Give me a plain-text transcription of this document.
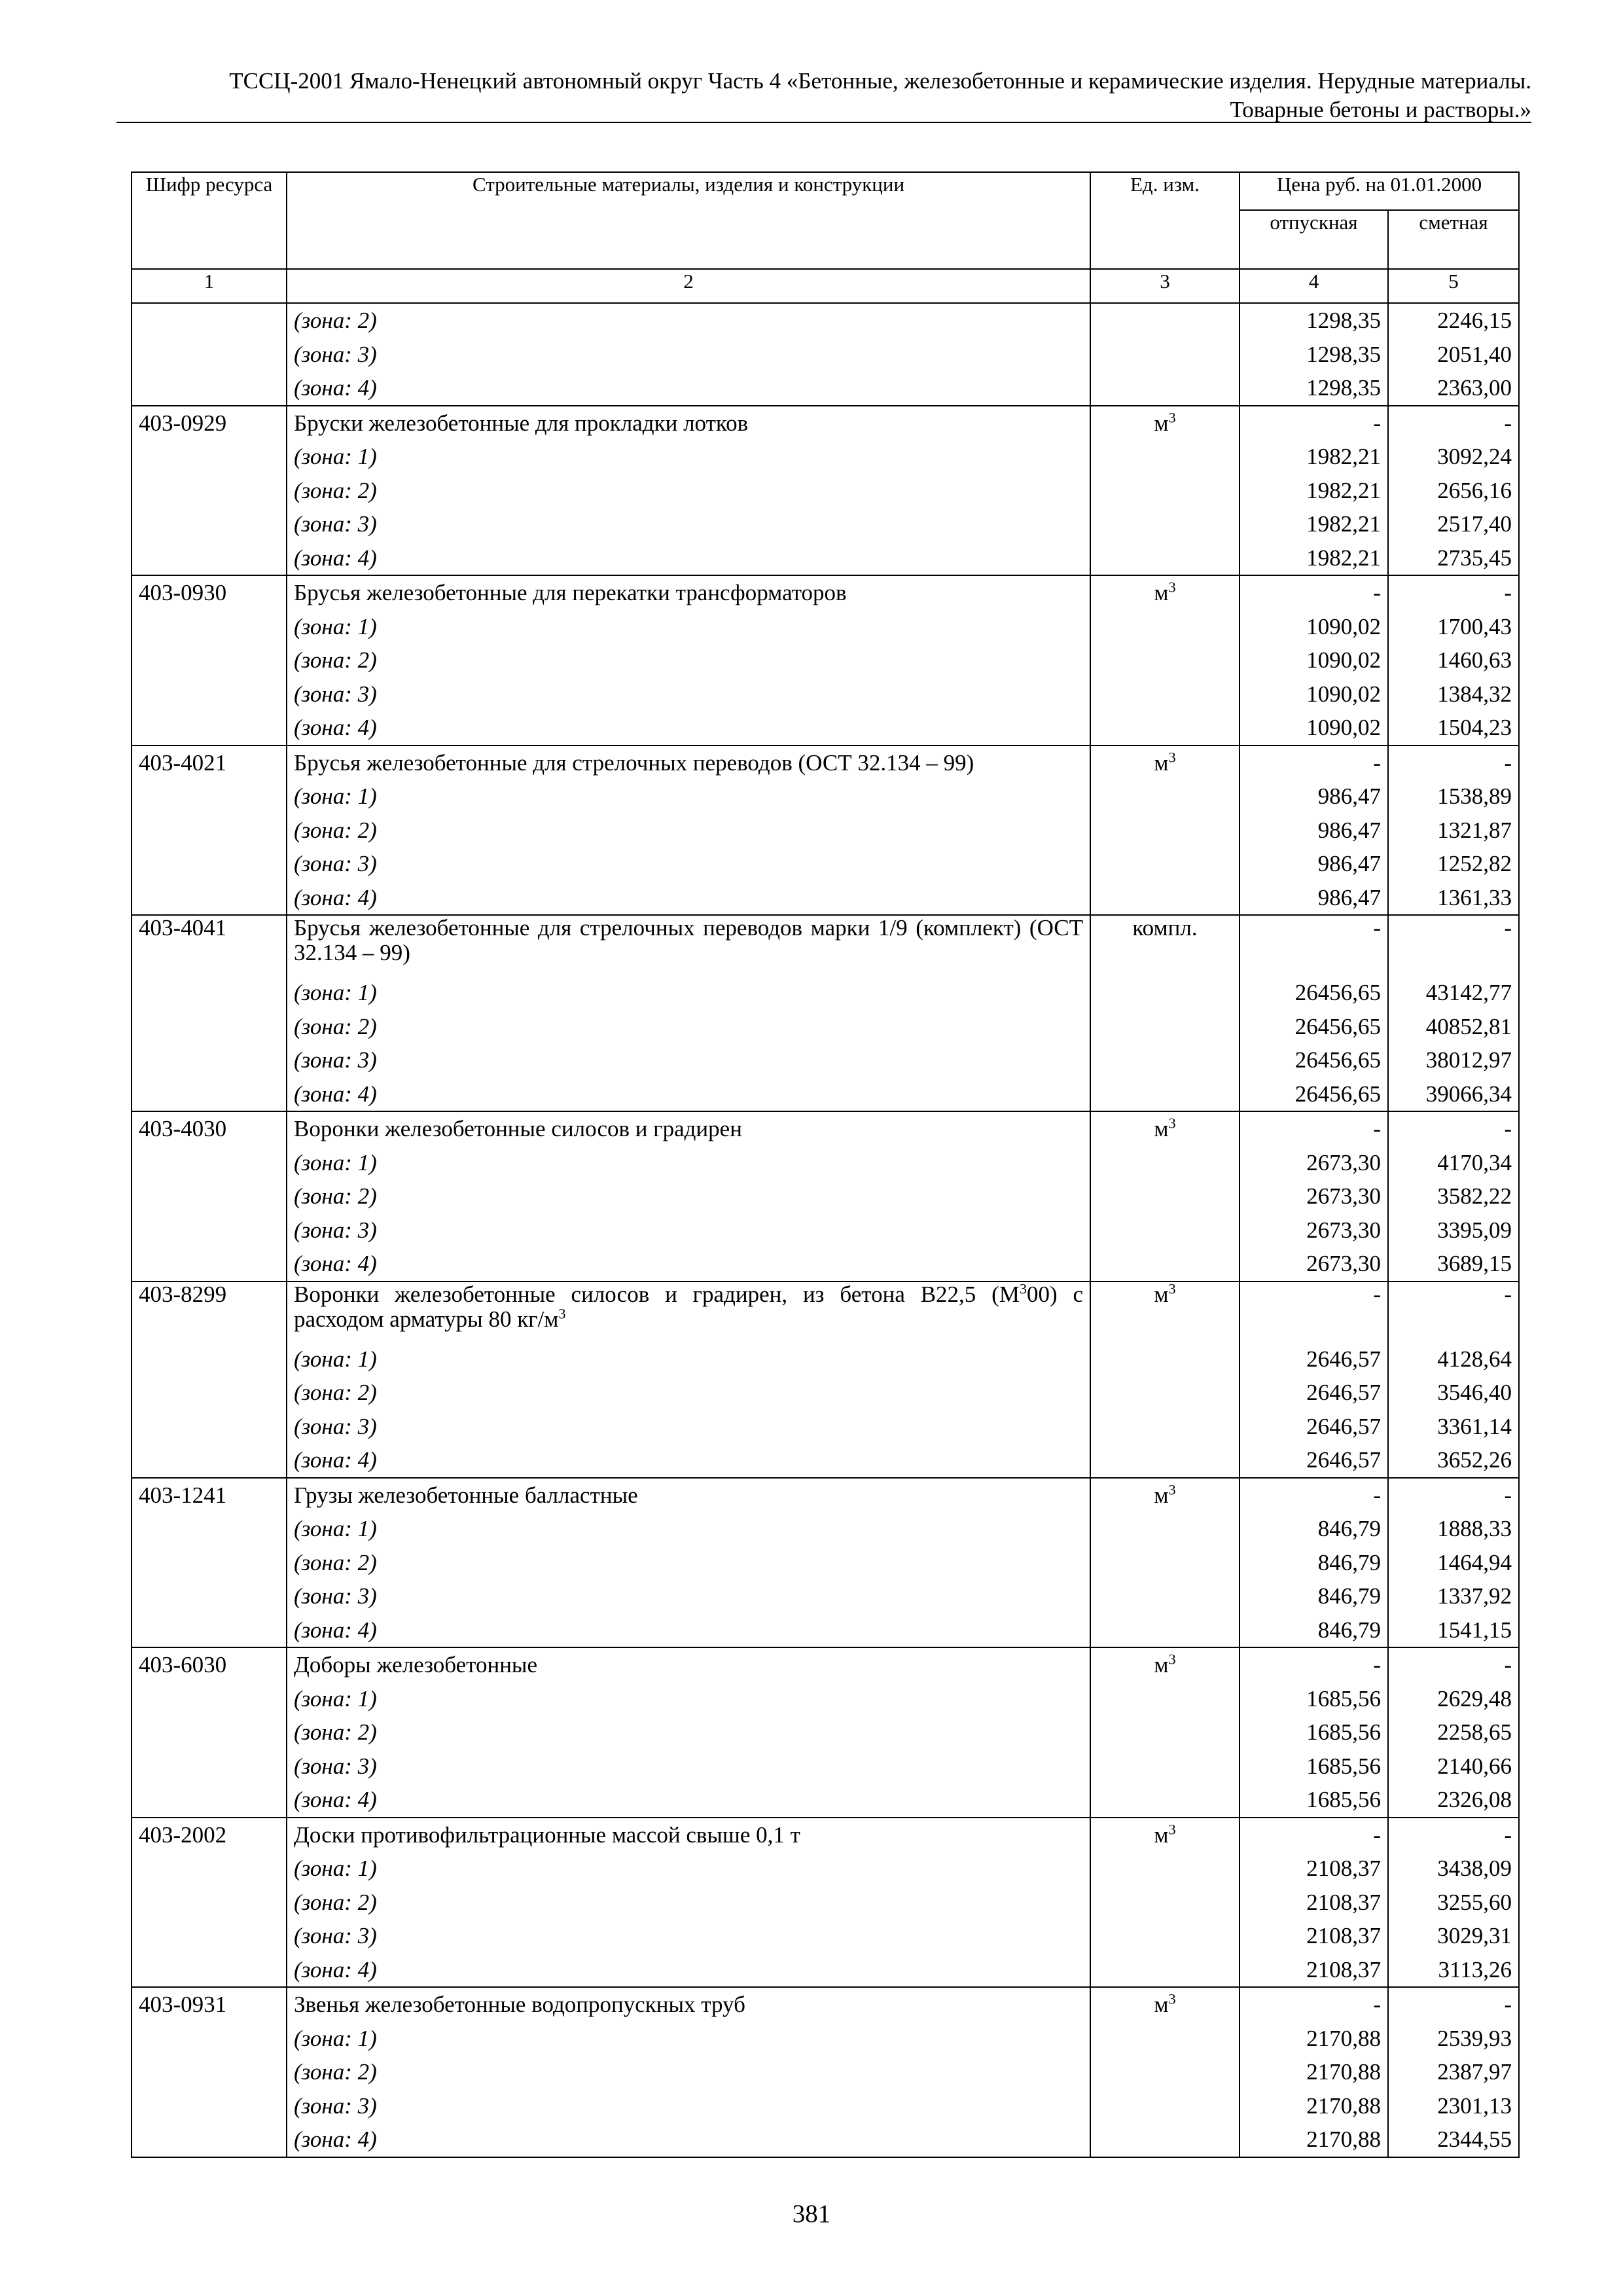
ТССЦ-2001 Ямало-Ненецкий автономный округ Часть 4 «Бетонные, железобетонные и керамические изделия. Нерудные материалы.
Товарные бетоны и растворы.»
Шифр ресурса	Строительные материалы, изделия и конструкции	Ед. изм.	Цена руб. на 01.01.2000	
			отпускная	сметная
1	2	3	4	5
	(зона: 2)		1298,35	2246,15
	(зона: 3)		1298,35	2051,40
	(зона: 4)		1298,35	2363,00
403-0929	Бруски железобетонные для прокладки лотков	$м^3$	-	-
	(зона: 1)		1982,21	3092,24
	(зона: 2)		1982,21	2656,16
	(зона: 3)		1982,21	2517,40
	(зона: 4)		1982,21	2735,45
403-0930	Брусья железобетонные для перекатки трансформаторов	$м^3$	-	-
	(зона: 1)		1090,02	1700,43
	(зона: 2)		1090,02	1460,63
	(зона: 3)		1090,02	1384,32
	(зона: 4)		1090,02	1504,23
403-4021	Брусья железобетонные для стрелочных переводов (ОСТ 32.134 – 99)	$м^3$	-	-
	(зона: 1)		986,47	1538,89
	(зона: 2)		986,47	1321,87
	(зона: 3)		986,47	1252,82
	(зона: 4)		986,47	1361,33
403-4041	Брусья железобетонные для стрелочных переводов марки 1/9 (комплект) (ОСТ 32.134 – 99)	компл.	-	-
	(зона: 1)		26456,65	43142,77
	(зона: 2)		26456,65	40852,81
	(зона: 3)		26456,65	38012,97
	(зона: 4)		26456,65	39066,34
403-4030	Воронки железобетонные силосов и градирен	$м^3$	-	-
	(зона: 1)		2673,30	4170,34
	(зона: 2)		2673,30	3582,22
	(зона: 3)		2673,30	3395,09
	(зона: 4)		2673,30	3689,15
403-8299	Воронки железобетонные силосов и градирен, из бетона В22,5 $(М^300)$ с расходом арматуры 80 $кг/м^3$	$м^3$	-	-
	(зона: 1)		2646,57	4128,64
	(зона: 2)		2646,57	3546,40
	(зона: 3)		2646,57	3361,14
	(зона: 4)		2646,57	3652,26
403-1241	Грузы железобетонные балластные	$м^3$	-	-
	(зона: 1)		846,79	1888,33
	(зона: 2)		846,79	1464,94
	(зона: 3)		846,79	1337,92
	(зона: 4)		846,79	1541,15
403-6030	Доборы железобетонные	$м^3$	-	-
	(зона: 1)		1685,56	2629,48
	(зона: 2)		1685,56	2258,65
	(зона: 3)		1685,56	2140,66
	(зона: 4)		1685,56	2326,08
403-2002	Доски противофильтрационные массой свыше 0,1 т	$м^3$	-	-
	(зона: 1)		2108,37	3438,09
	(зона: 2)		2108,37	3255,60
	(зона: 3)		2108,37	3029,31
	(зона: 4)		2108,37	3113,26
403-0931	Звенья железобетонные водопропускных труб	$м^3$	-	-
	(зона: 1)		2170,88	2539,93
	(зона: 2)		2170,88	2387,97
	(зона: 3)		2170,88	2301,13
	(зона: 4)		2170,88	2344,55
381
